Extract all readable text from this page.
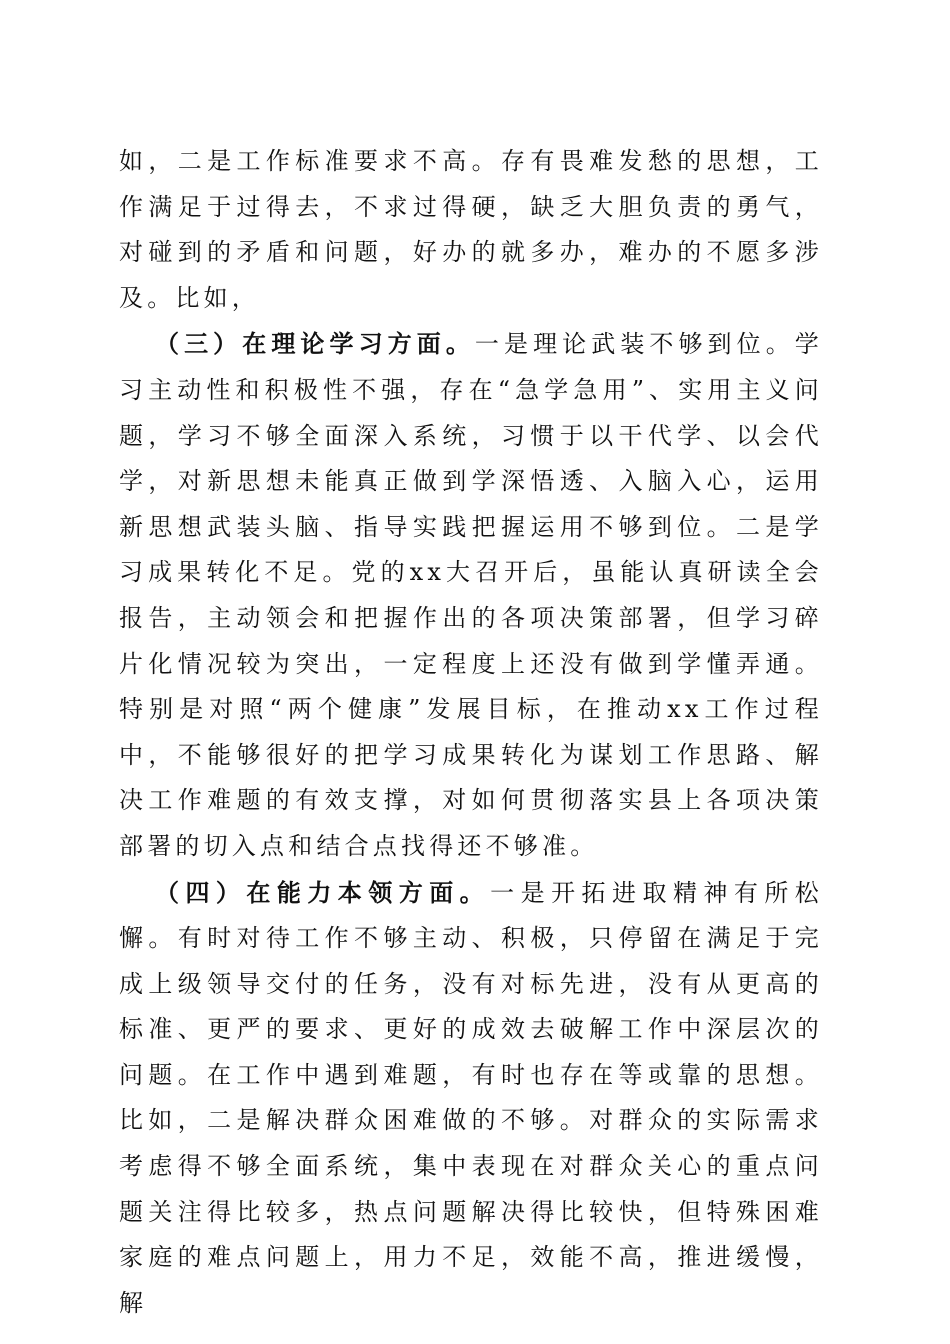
如，二是工作标准要求不高。存有畏难发愁的思想，工作满足于过得去，不求过得硬，缺乏大胆负责的勇气，对碰到的矛盾和问题，好办的就多办，难办的不愿多涉及。比如，

（三）在理论学习方面。一是理论武装不够到位。学习主动性和积极性不强，存在“急学急用”、实用主义问题，学习不够全面深入系统，习惯于以干代学、以会代学，对新思想未能真正做到学深悟透、入脑入心，运用新思想武装头脑、指导实践把握运用不够到位。二是学习成果转化不足。党的xx大召开后，虽能认真研读全会报告，主动领会和把握作出的各项决策部署，但学习碎片化情况较为突出，一定程度上还没有做到学懂弄通。特别是对照“两个健康”发展目标，在推动xx工作过程中，不能够很好的把学习成果转化为谋划工作思路、解决工作难题的有效支撑，对如何贯彻落实县上各项决策部署的切入点和结合点找得还不够准。

（四）在能力本领方面。一是开拓进取精神有所松懈。有时对待工作不够主动、积极，只停留在满足于完成上级领导交付的任务，没有对标先进，没有从更高的标准、更严的要求、更好的成效去破解工作中深层次的问题。在工作中遇到难题，有时也存在等或靠的思想。比如，二是解决群众困难做的不够。对群众的实际需求考虑得不够全面系统，集中表现在对群众关心的重点问题关注得比较多，热点问题解决得比较快，但特殊困难家庭的难点问题上，用力不足，效能不高，推进缓慢，解
